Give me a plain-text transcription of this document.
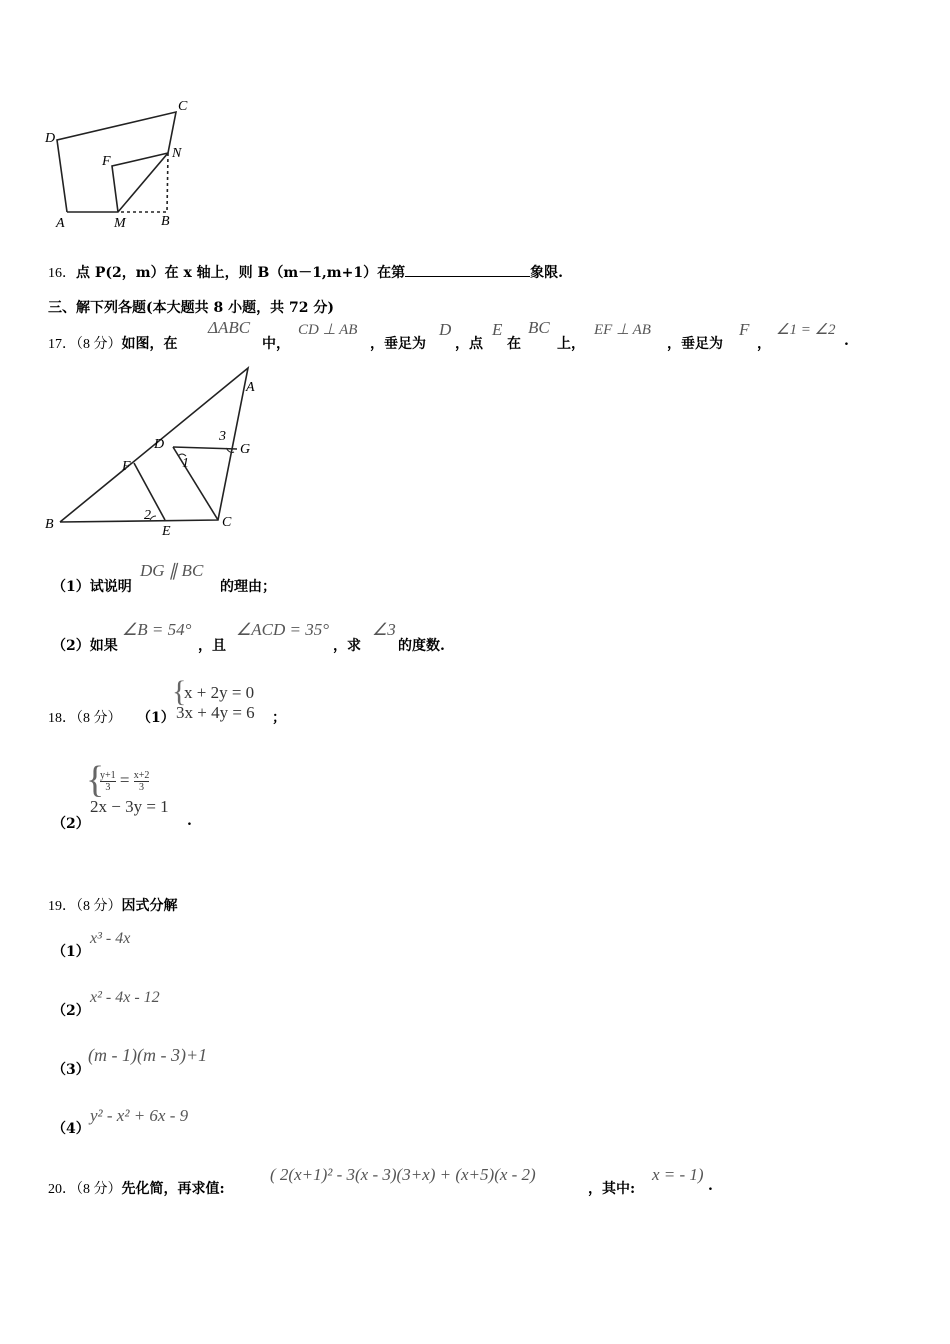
C
D
F
N
A	M	B
16．点 P(2，m）在 x 轴上，则 B（m－1,m+1）在第	象限.
三、解下列各题(本大题共 8 小题，共 72 分)
17．（8 分）如图，在
ΔABC
中，
CD ⊥ AB
，垂足为
D
，点
E
在
BC
上，
EF ⊥ AB
，垂足为
F
，
∠1 = ∠2
.
A
B	C
D	G
F
E
1
2
3
（1）试说明
DG ∥ BC
的理由；
（2）如果
∠B = 54°
，且
∠ACD = 35°
，求
∠3
的度数.
18．（8 分） （1）
{
x + 2y = 0
3x + 4y = 6 ；
（2）
{
$\frac{y+1}{3} = \frac{x+2}{3}$
2x − 3y = 1
.
19．（8 分）因式分解
（1）
x³ - 4x
（2）
x² - 4x - 12
（3）
(m - 1)(m - 3)+1
（4）
y² - x² + 6x - 9
20．（8 分）先化简，再求值:
( 2(x+1)² - 3(x - 3)(3+x) + (x+5)(x - 2)
，其中:
x = - 1)
.
